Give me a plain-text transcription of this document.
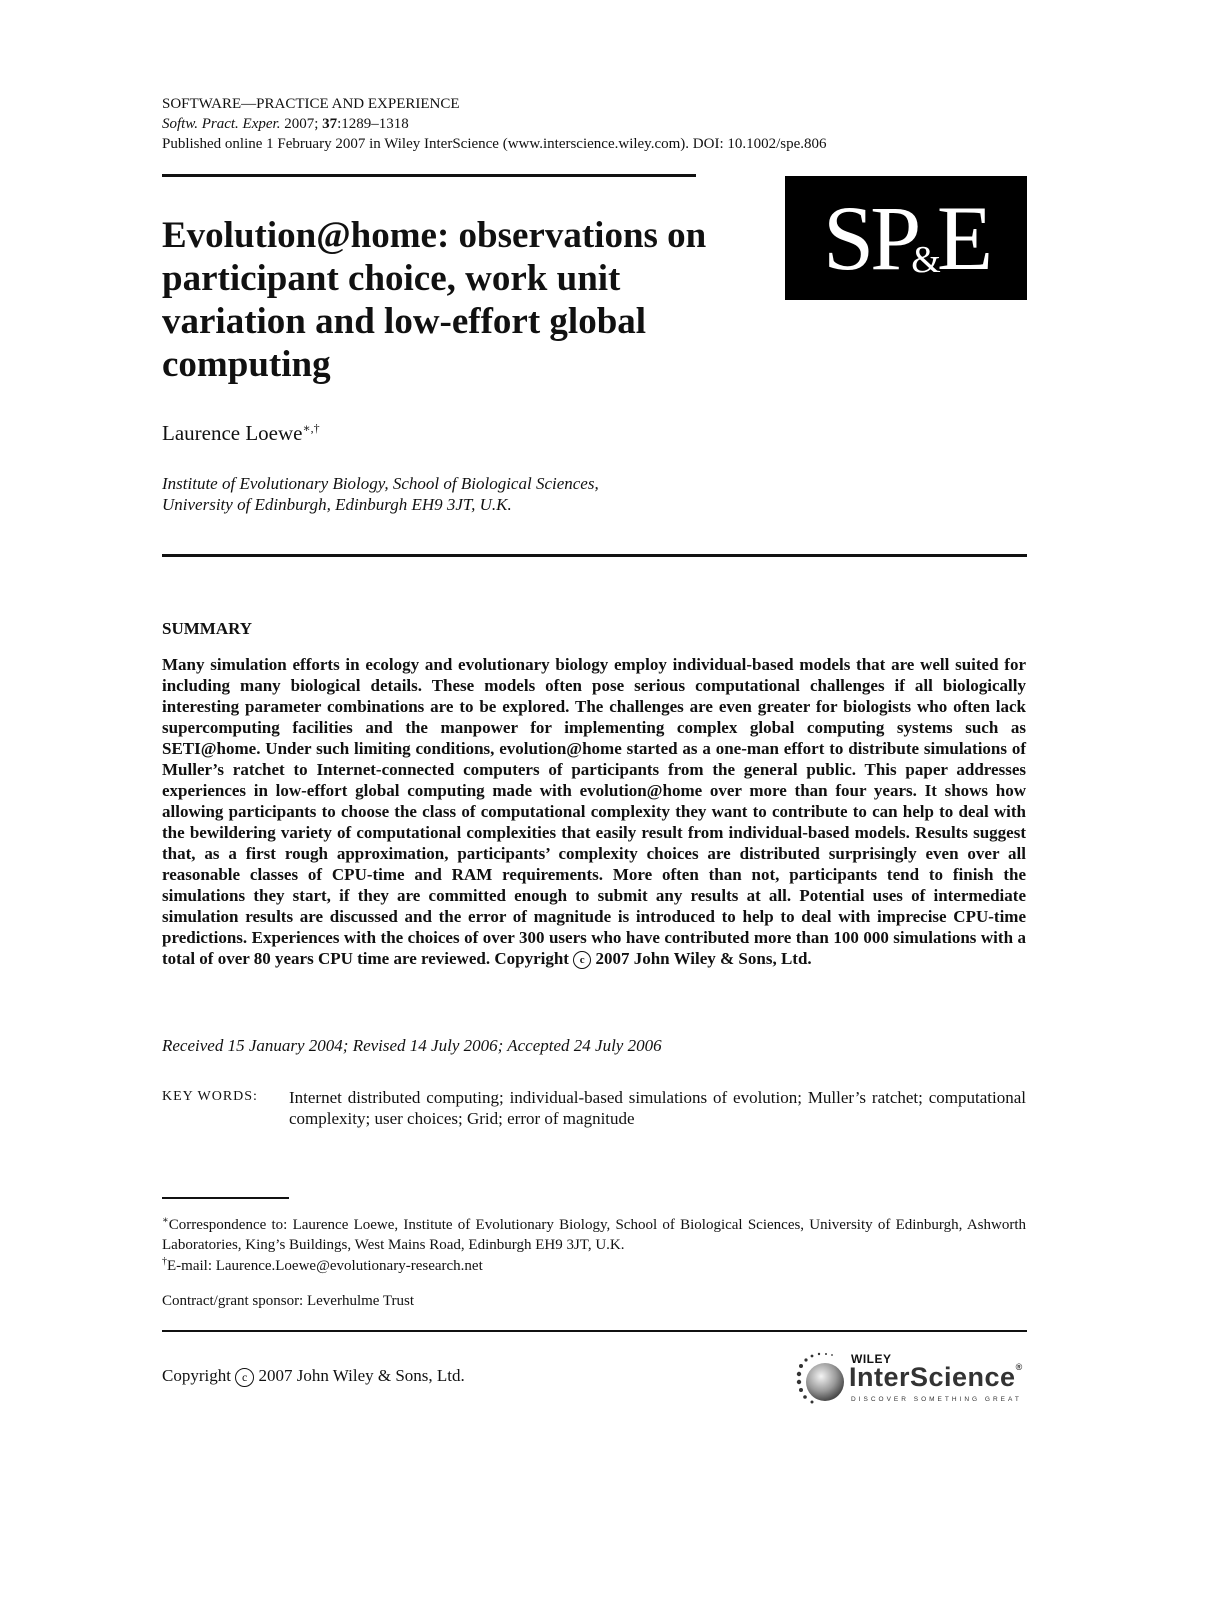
SOFTWARE—PRACTICE AND EXPERIENCE
Softw. Pract. Exper. 2007; 37:1289–1318
Published online 1 February 2007 in Wiley InterScience (www.interscience.wiley.com). DOI: 10.1002/spe.806
Evolution@home: observations on participant choice, work unit variation and low-effort global computing
SP
&
E
Laurence Loewe∗,†
Institute of Evolutionary Biology, School of Biological Sciences,
University of Edinburgh, Edinburgh EH9 3JT, U.K.
SUMMARY
Many simulation efforts in ecology and evolutionary biology employ individual-based models that are well suited for including many biological details. These models often pose serious computational challenges if all biologically interesting parameter combinations are to be explored. The challenges are even greater for biologists who often lack supercomputing facilities and the manpower for implementing complex global computing systems such as SETI@home. Under such limiting conditions, evolution@home started as a one-man effort to distribute simulations of Muller’s ratchet to Internet-connected computers of participants from the general public. This paper addresses experiences in low-effort global computing made with evolution@home over more than four years. It shows how allowing participants to choose the class of computational complexity they want to contribute to can help to deal with the bewildering variety of computational complexities that easily result from individual-based models. Results suggest that, as a first rough approximation, participants’ complexity choices are distributed surprisingly even over all reasonable classes of CPU-time and RAM requirements. More often than not, participants tend to finish the simulations they start, if they are committed enough to submit any results at all. Potential uses of intermediate simulation results are discussed and the error of magnitude is introduced to help to deal with imprecise CPU-time predictions. Experiences with the choices of over 300 users who have contributed more than 100 000 simulations with a total of over 80 years CPU time are reviewed. Copyright c 2007 John Wiley & Sons, Ltd.
Received 15 January 2004; Revised 14 July 2006; Accepted 24 July 2006
KEY WORDS: Internet distributed computing; individual-based simulations of evolution; Muller’s ratchet; computational complexity; user choices; Grid; error of magnitude
∗Correspondence to: Laurence Loewe, Institute of Evolutionary Biology, School of Biological Sciences, University of Edinburgh, Ashworth Laboratories, King’s Buildings, West Mains Road, Edinburgh EH9 3JT, U.K.
†E-mail: Laurence.Loewe@evolutionary-research.net
Contract/grant sponsor: Leverhulme Trust
Copyright c 2007 John Wiley & Sons, Ltd.
WILEY
InterScience®
DISCOVER SOMETHING GREAT
